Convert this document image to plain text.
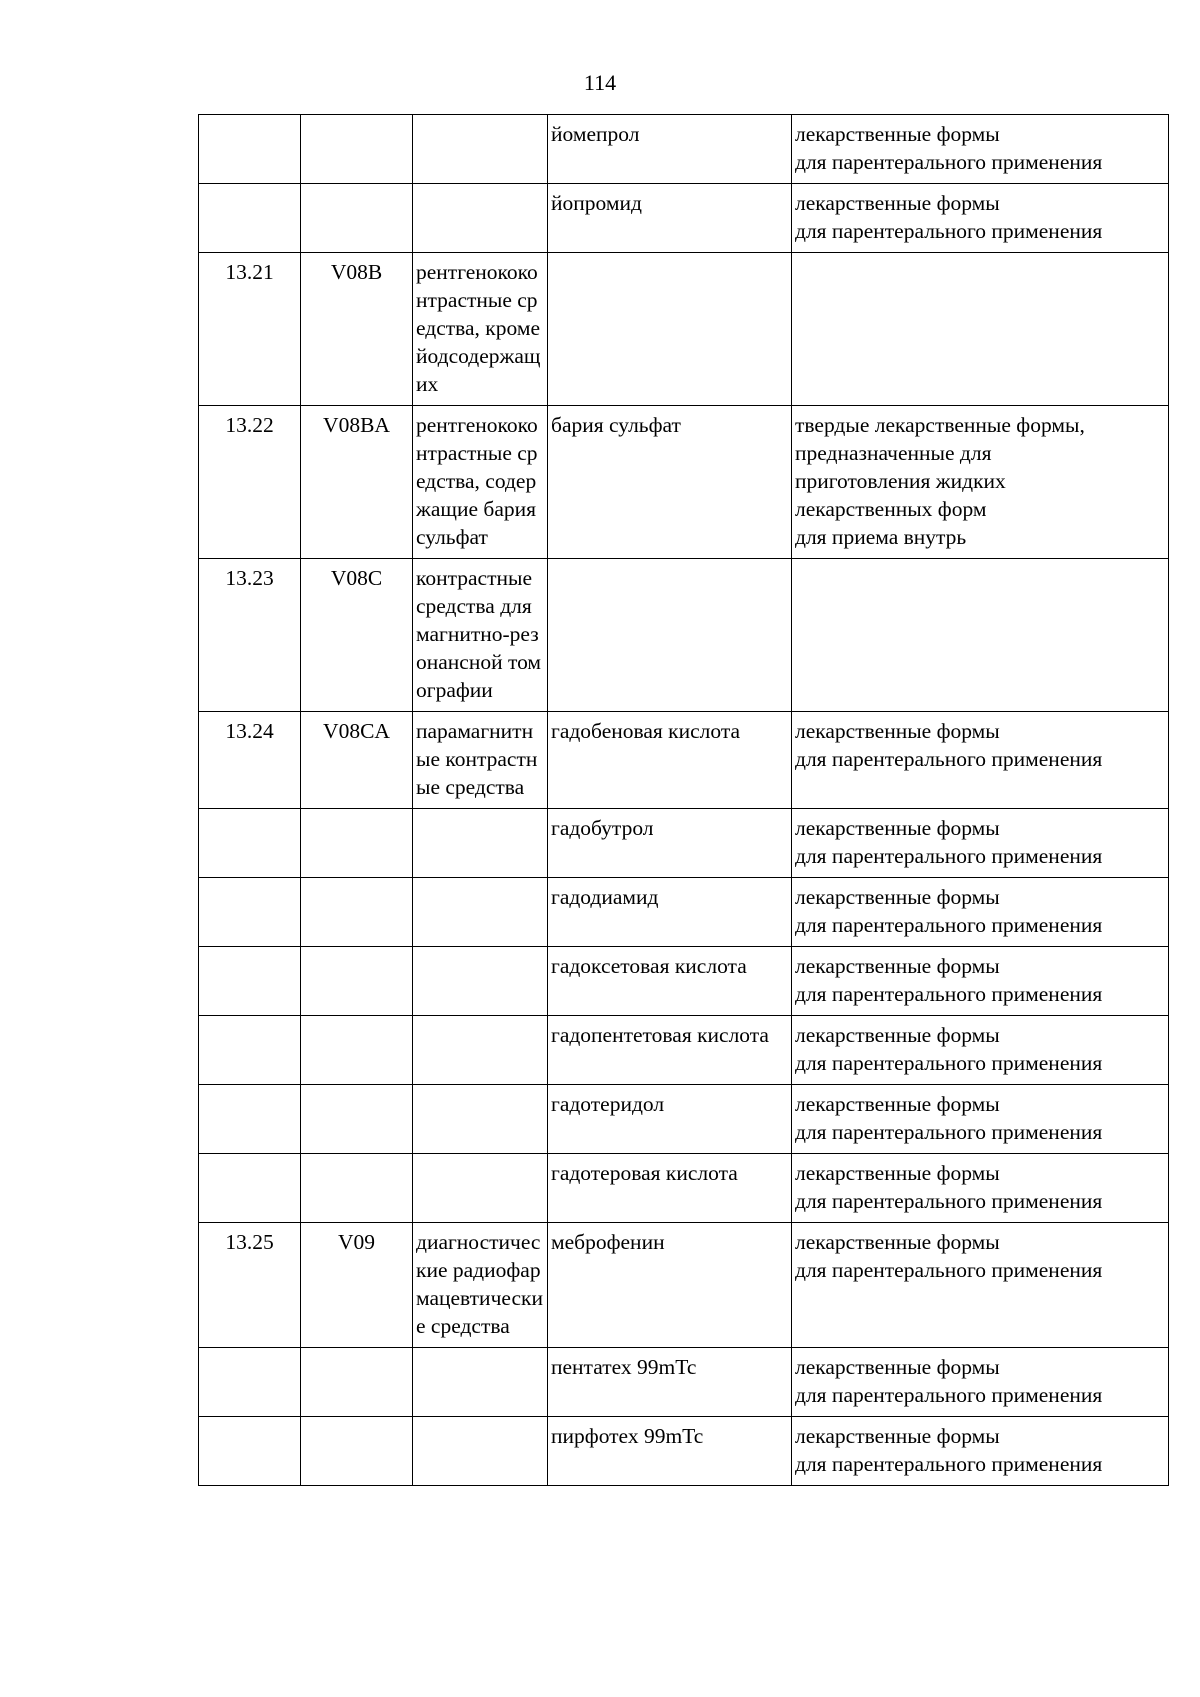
114
			йомепрол	лекарственные формы
для парентерального применения
			йопромид	лекарственные формы
для парентерального применения
13.21	V08B	рентгенококонтрастные средства, кроме йодсодержащих		
13.22	V08BA	рентгенококонтрастные средства, содержащие бария сульфат	бария сульфат	твердые лекарственные формы,
предназначенные для
приготовления жидких
лекарственных форм
для приема внутрь
13.23	V08C	контрастные средства для магнитно-резонансной томографии		
13.24	V08CA	парамагнитные контрастные средства	гадобеновая кислота	лекарственные формы
для парентерального применения
			гадобутрол	лекарственные формы
для парентерального применения
			гадодиамид	лекарственные формы
для парентерального применения
			гадоксетовая кислота	лекарственные формы
для парентерального применения
			гадопентетовая кислота	лекарственные формы
для парентерального применения
			гадотеридол	лекарственные формы
для парентерального применения
			гадотеровая кислота	лекарственные формы
для парентерального применения
13.25	V09	диагностические радиофармацевтические средства	меброфенин	лекарственные формы
для парентерального применения
			пентатех 99mTc	лекарственные формы
для парентерального применения
			пирфотех 99mTc	лекарственные формы
для парентерального применения
